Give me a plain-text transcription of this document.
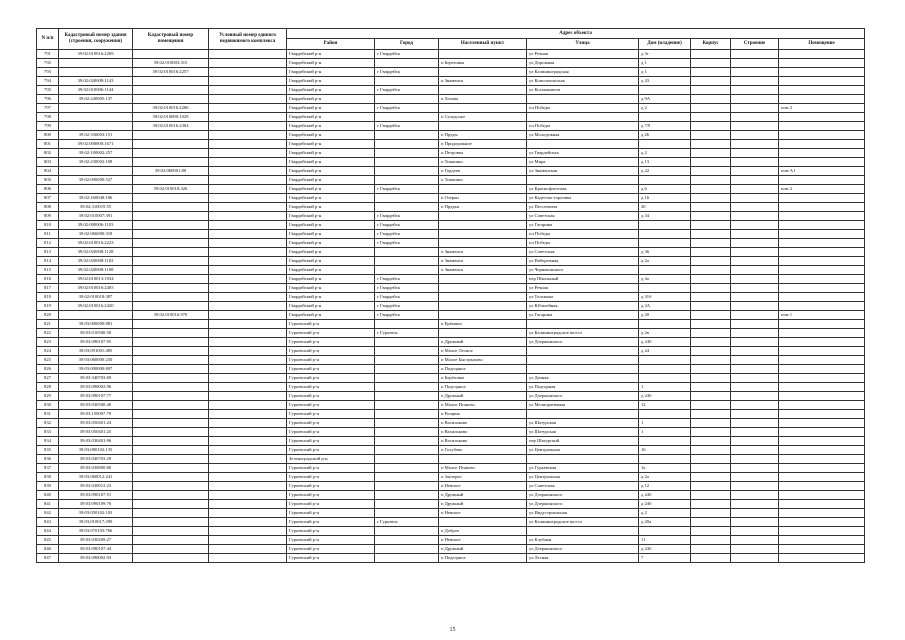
N п/п	Кадастровый номер здания (строения, сооружения)	Кадастровый номер помещения	Условный номер единого недвижимого комплекса	Адрес объекта							
				Район	Город	Населенный пункт	Улица	Дом (владение)	Корпус	Строение	Помещение
791	39:02:010016:2269			Гвардейский р-н	г Гвардейск		ул Речная	д 3г			
792		39:02:010003:315		Гвардейский р-н		п Березовка	ул Дорожная	д 1			
793		39:02:010016:2257		Гвардейский р-н	г Гвардейск		ул Калининградская	д 1			
794	39:02:020008:1143			Гвардейский р-н		п Знаменск	ул Комсомольская	д 43			
795	39:02:010006:1144			Гвардейский р-н	г Гвардейск		ул Космонавтов				
796	39:02:240005:137			Гвардейский р-н		п Холмы		д 9А			
797		39:02:010016:2286		Гвардейский р-н	г Гвардейск		пл Победы	д 2			пом 2
798		39:02:010000:1029		Гвардейский р-н		п Суходолье					
799		39:02:010016:2304		Гвардейский р-н	г Гвардейск		пл Победы	д 7/9			
800	39:02:330003:151			Гвардейский р-н		п Пруды	ул Молодежная	д 26			
801	39:02:000000:1671			Гвардейский р-н		п Придорожное					
802	39:02:100002:257			Гвардейский р-н		п Петровка	ул Гвардейская	д 2			
803	39:02:230002:108			Гвардейский р-н		п Тишкино	ул Мира	д 13			
804		39:02:060001:80		Гвардейский р-н		п Гордеев	ул Знаменская	д 22			пом А1
805	39:02:000000:527			Гвардейский р-н		п Тишкино					
806		39:02:010018:326		Гвардейский р-н	г Гвардейск		ул Краснофлотская	д 6			пом 2
807	39:02:160048:186			Гвардейский р-н		п Озерки	ул Кадетско-горловка	д 16			
808	39:02:310019:55			Гвардейский р-н		п Прудки	ул Пессеевича	20			
809	39:02:010007:391			Гвардейский р-н	г Гвардейск		ул Советская	д 34			
810	39:02:000006:1103			Гвардейский р-н	г Гвардейск		ул Гагарина				
811	39:02:066000:318			Гвардейский р-н	г Гвардейск		пл Победы				
812	39:02:010016:2223			Гвардейский р-н	г Гвардейск		пл Победы				
813	39:02:020008:1128			Гвардейский р-н		п Знаменск	ул Советская	д 36			
814	39:02:020008:1182			Гвардейский р-н		п Знаменск	ул Набережная	д 2а			
815	39:02:020008:1108			Гвардейский р-н		п Знаменск	ул Черняховского				
816	39:02:010013:1034			Гвардейский р-н	г Гвардейск		пер Школьный	д 4а			
817	39:02:010016:2405			Гвардейский р-н	г Гвардейск		ул Речная				
818	39:02:010018:387			Гвардейский р-н	г Гвардейск		ул Тельмана	д 31б			
819	39:02:010016:2420			Гвардейский р-н	г Гвардейск		ул Юбилейная	д 2А			
820		39:02:010016:970		Гвардейский р-н	г Гвардейск		ул Гагарина	д 20			пом 1
821	39:03:000000:881			Гурьевский р-н		п Ерёмино					
822	39:03:010500:50			Гурьевский р-н	г Гурьевск		ул Калининградское шоссе	д 2в			
823	39:03:090107:95			Гурьевский р-н		п Дружный	ул Дзержинского	д 24б			
824	39:03:091001:485			Гурьевский р-н		п Малое Лесное		д 24			
825	39:03:060000:230			Гурьевский р-н		п Малое Быстрыхово					
826	39:03:000000:807			Гурьевский р-н		п Подгорное					
827	39:03:340703:69			Гурьевский р-н		п Берёзовка	ул Дачная				
828	39:03:090002:96			Гурьевский р-н		п Подгорное	ул Подгорная	1			
829	39:03:090107:77			Гурьевский р-н		п Дружный	ул Дзержинского	д 24б			
830	39:03:030500:40			Гурьевский р-н		п Малое Исаково	ул Мелиоративная	12			
831	39:03:150007:70			Гурьевский р-н		п Рощино					
832	39:03:050401:24			Гурьевский р-н		п Васильково	ул Шатурская	1			
833	39:03:050401:25			Гурьевский р-н		п Васильково	ул Шатурская	1			
834	39:03:030401:96			Гурьевский р-н		п Васильково	пер Шатурский				
835	39:03:080102:135			Гурьевский р-н		п Голубево	ул Центральная	16			
836	39:03:040703:29			Зеленоградский р-н							
837	39:03:030800:80			Гурьевский р-н		п Малое Исаково	ул Гурьевская	1а			
838	39:03:060012:241			Гурьевский р-н		п Заозерье	ул Центральная	д 2а			
839	39:03:030012:23			Гурьевский р-н		п Невское	ул Советская	д 12			
840	39:03:090107:51			Гурьевский р-н		п Дружный	ул Дзержинского	д 24б			
841	39:03:090109:76			Гурьевский р-н		п Дружный	ул Дзержинского	д 24б			
842	39:03:050102:103			Гурьевский р-н		п Невское	ул Индустриальная	д 2			
843	39:03:010017:290			Гурьевский р-н	г Гурьевск		ул Калининградское шоссе	д 20а			
844	39:03:070103:766			Гурьевский р-н		п Доброе					
845	39:03:030209:27			Гурьевский р-н		п Невское	ул Клубная	11			
846	39:03:090107:44			Гурьевский р-н		п Дружный	ул Дзержинского	д 24б			
847	39:03:090002:93			Гурьевский р-н		п Подгорное	ул Лесная	7			
15
